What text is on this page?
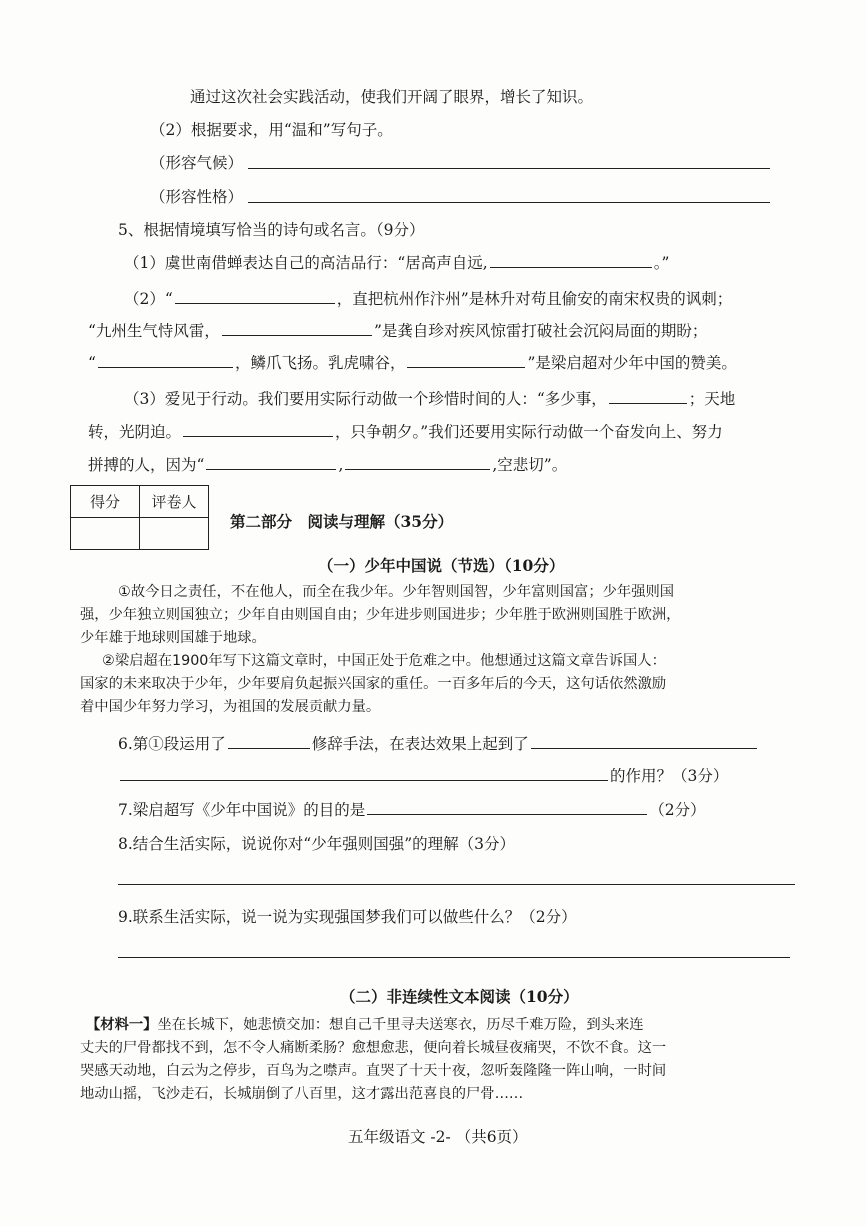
通过这次社会实践活动，使我们开阔了眼界，增长了知识。
（2）根据要求，用“温和”写句子。
（形容气候）
（形容性格）
5、根据情境填写恰当的诗句或名言。（9分）
（1）虞世南借蝉表达自己的高洁品行：“居高声自远,	。”
（2）“	，直把杭州作汴州”是林升对苟且偷安的南宋权贵的讽刺；
“九州生气恃风雷，	”是龚自珍对疾风惊雷打破社会沉闷局面的期盼；
“	，鳞爪飞扬。乳虎啸谷，	”是梁启超对少年中国的赞美。
（3）爱见于行动。我们要用实际行动做一个珍惜时间的人：“多少事，	；天地
转，光阴迫。	，只争朝夕。”我们还要用实际行动做一个奋发向上、努力
拼搏的人，因为“	,	,空悲切”。
得分	评卷人

第二部分　阅读与理解（35分）
（一）少年中国说（节选）（10分）

①故今日之责任，不在他人，而全在我少年。少年智则国智，少年富则国富；少年强则国

强，少年独立则国独立；少年自由则国自由；少年进步则国进步；少年胜于欧洲则国胜于欧洲，

少年雄于地球则国雄于地球。

②梁启超在1900年写下这篇文章时，中国正处于危难之中。他想通过这篇文章告诉国人：

国家的未来取决于少年，少年要肩负起振兴国家的重任。一百多年后的今天，这句话依然激励

着中国少年努力学习，为祖国的发展贡献力量。

6.第①段运用了	修辞手法，在表达效果上起到了
的作用？（3分）
7.梁启超写《少年中国说》的目的是	（2分）
8.结合生活实际，说说你对“少年强则国强”的理解（3分）
9.联系生活实际，说一说为实现强国梦我们可以做些什么？（2分）
（二）非连续性文本阅读（10分）

【材料一】坐在长城下，她悲愤交加：想自己千里寻夫送寒衣，历尽千难万险，到头来连

丈夫的尸骨都找不到，怎不令人痛断柔肠？愈想愈悲，便向着长城昼夜痛哭，不饮不食。这一

哭感天动地，白云为之停步，百鸟为之噤声。直哭了十天十夜，忽听轰隆隆一阵山响，一时间

地动山摇，飞沙走石，长城崩倒了八百里，这才露出范喜良的尸骨……

五年级语文 -2- （共6页）
